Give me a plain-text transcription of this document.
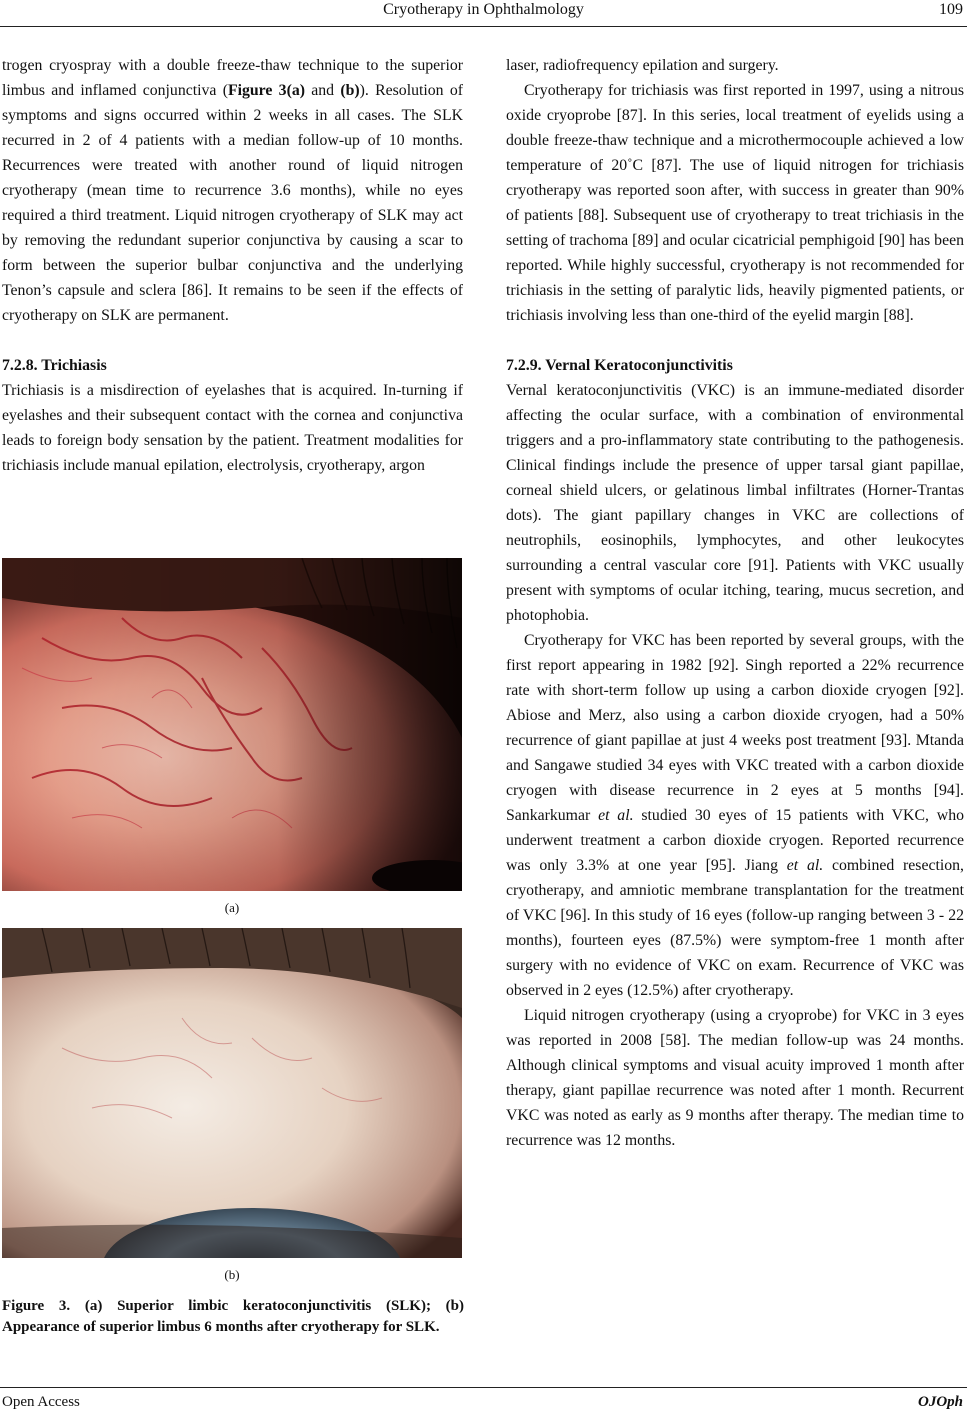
Cryotherapy in Ophthalmology	109

trogen cryospray with a double freeze-thaw technique to the superior limbus and inflamed conjunctiva (Figure 3(a) and (b)). Resolution of symptoms and signs occurred within 2 weeks in all cases. The SLK recurred in 2 of 4 patients with a median follow-up of 10 months. Recurrences were treated with another round of liquid nitrogen cryotherapy (mean time to recurrence 3.6 months), while no eyes required a third treatment. Liquid nitrogen cryotherapy of SLK may act by removing the redundant superior conjunctiva by causing a scar to form between the superior bulbar conjunctiva and the underlying Tenon’s capsule and sclera [86]. It remains to be seen if the effects of cryotherapy on SLK are permanent.

7.2.8. Trichiasis

Trichiasis is a misdirection of eyelashes that is acquired. In-turning if eyelashes and their subsequent contact with the cornea and conjunctiva leads to foreign body sensation by the patient. Treatment modalities for trichiasis include manual epilation, electrolysis, cryotherapy, argon

(a)
(b)
Figure 3. (a) Superior limbic keratoconjunctivitis (SLK); (b) Appearance of superior limbus 6 months after cryotherapy for SLK.

laser, radiofrequency epilation and surgery.

Cryotherapy for trichiasis was first reported in 1997, using a nitrous oxide cryoprobe [87]. In this series, local treatment of eyelids using a double freeze-thaw technique and a microthermocouple achieved a low temperature of 20˚C [87]. The use of liquid nitrogen for trichiasis cryotherapy was reported soon after, with success in greater than 90% of patients [88]. Subsequent use of cryotherapy to treat trichiasis in the setting of trachoma [89] and ocular cicatricial pemphigoid [90] has been reported. While highly successful, cryotherapy is not recommended for trichiasis in the setting of paralytic lids, heavily pigmented patients, or trichiasis involving less than one-third of the eyelid margin [88].

7.2.9. Vernal Keratoconjunctivitis

Vernal keratoconjunctivitis (VKC) is an immune-mediated disorder affecting the ocular surface, with a combination of environmental triggers and a pro-inflammatory state contributing to the pathogenesis. Clinical findings include the presence of upper tarsal giant papillae, corneal shield ulcers, or gelatinous limbal infiltrates (Horner-Trantas dots). The giant papillary changes in VKC are collections of neutrophils, eosinophils, lymphocytes, and other leukocytes surrounding a central vascular core [91]. Patients with VKC usually present with symptoms of ocular itching, tearing, mucus secretion, and photophobia.

Cryotherapy for VKC has been reported by several groups, with the first report appearing in 1982 [92]. Singh reported a 22% recurrence rate with short-term follow up using a carbon dioxide cryogen [92]. Abiose and Merz, also using a carbon dioxide cryogen, had a 50% recurrence of giant papillae at just 4 weeks post treatment [93]. Mtanda and Sangawe studied 34 eyes with VKC treated with a carbon dioxide cryogen with disease recurrence in 2 eyes at 5 months [94]. Sankarkumar et al. studied 30 eyes of 15 patients with VKC, who underwent treatment a carbon dioxide cryogen. Reported recurrence was only 3.3% at one year [95]. Jiang et al. combined resection, cryotherapy, and amniotic membrane transplantation for the treatment of VKC [96]. In this study of 16 eyes (follow-up ranging between 3 - 22 months), fourteen eyes (87.5%) were symptom-free 1 month after surgery with no evidence of VKC on exam. Recurrence of VKC was observed in 2 eyes (12.5%) after cryotherapy.

Liquid nitrogen cryotherapy (using a cryoprobe) for VKC in 3 eyes was reported in 2008 [58]. The median follow-up was 24 months. Although clinical symptoms and visual acuity improved 1 month after therapy, giant papillae recurrence was noted after 1 month. Recurrent VKC was noted as early as 9 months after therapy. The median time to recurrence was 12 months.

Open Access	OJOph
